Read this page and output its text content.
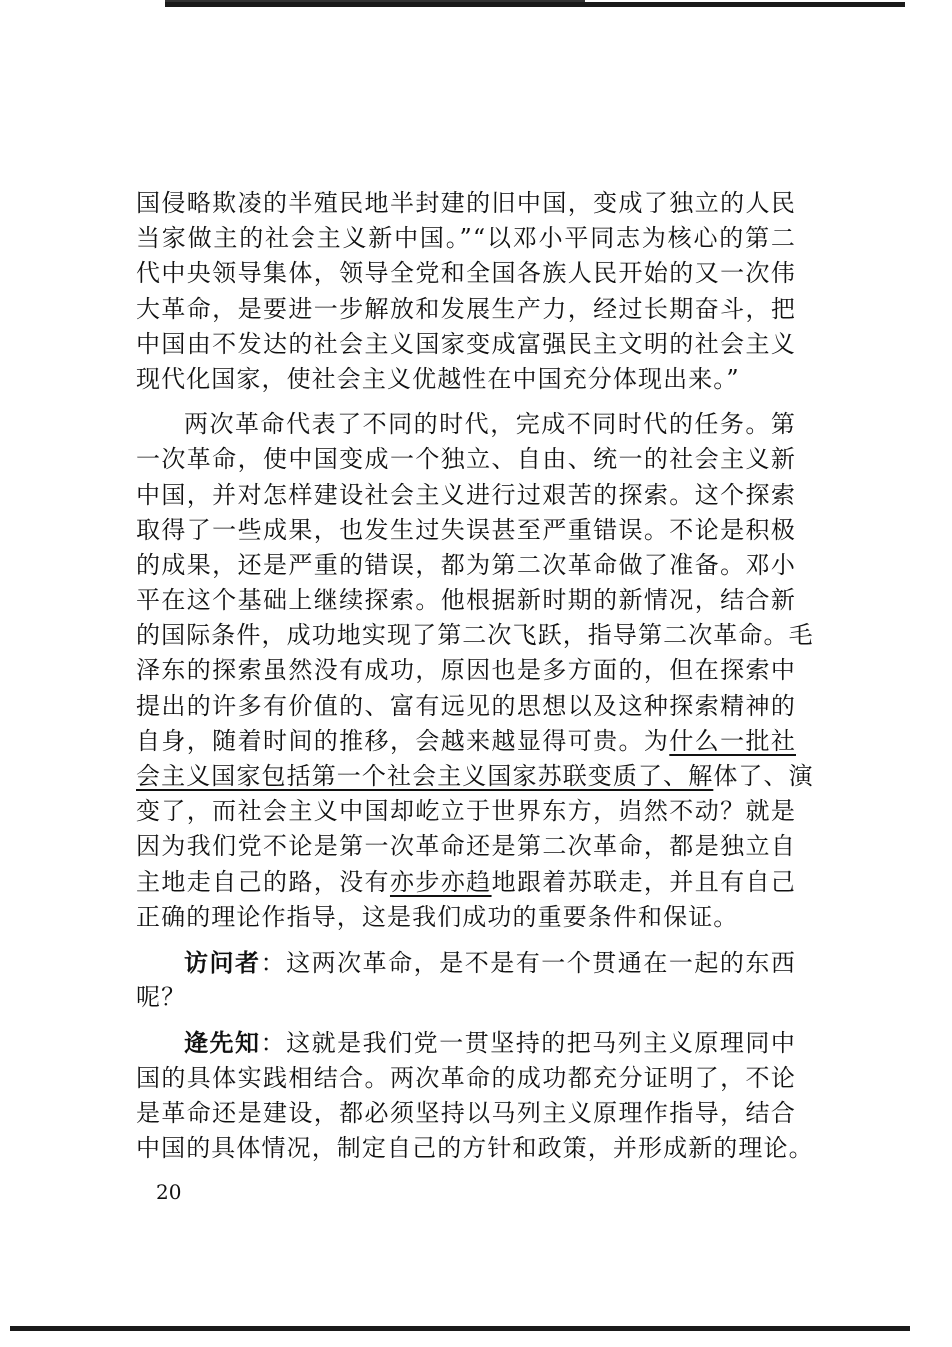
国侵略欺凌的半殖民地半封建的旧中国，变成了独立的人民
当家做主的社会主义新中国。”“以邓小平同志为核心的第二
代中央领导集体，领导全党和全国各族人民开始的又一次伟
大革命，是要进一步解放和发展生产力，经过长期奋斗，把
中国由不发达的社会主义国家变成富强民主文明的社会主义
现代化国家，使社会主义优越性在中国充分体现出来。”
两次革命代表了不同的时代，完成不同时代的任务。第
一次革命，使中国变成一个独立、自由、统一的社会主义新
中国，并对怎样建设社会主义进行过艰苦的探索。这个探索
取得了一些成果，也发生过失误甚至严重错误。不论是积极
的成果，还是严重的错误，都为第二次革命做了准备。邓小
平在这个基础上继续探索。他根据新时期的新情况，结合新
的国际条件，成功地实现了第二次飞跃，指导第二次革命。毛
泽东的探索虽然没有成功，原因也是多方面的，但在探索中
提出的许多有价值的、富有远见的思想以及这种探索精神的
自身，随着时间的推移，会越来越显得可贵。为什么一批社
会主义国家包括第一个社会主义国家苏联变质了、解体了、演
变了，而社会主义中国却屹立于世界东方，岿然不动？就是
因为我们党不论是第一次革命还是第二次革命，都是独立自
主地走自己的路，没有亦步亦趋地跟着苏联走，并且有自己
正确的理论作指导，这是我们成功的重要条件和保证。
访问者：这两次革命，是不是有一个贯通在一起的东西
呢？
逄先知：这就是我们党一贯坚持的把马列主义原理同中
国的具体实践相结合。两次革命的成功都充分证明了，不论
是革命还是建设，都必须坚持以马列主义原理作指导，结合
中国的具体情况，制定自己的方针和政策，并形成新的理论。
20
